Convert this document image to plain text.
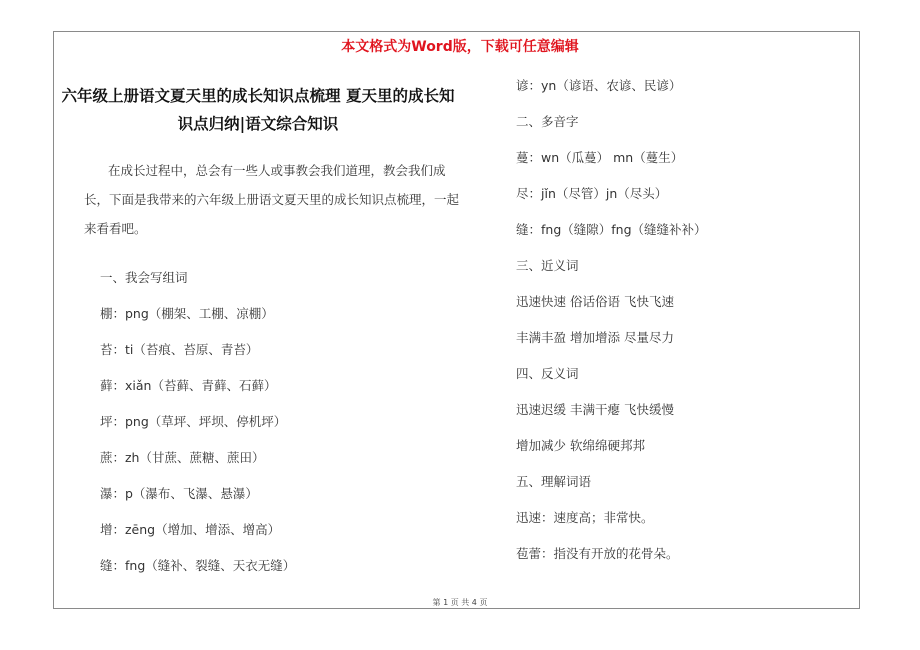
本文格式为Word版，下载可任意编辑
六年级上册语文夏天里的成长知识点梳理 夏天里的成长知识点归纳|语文综合知识
在成长过程中，总会有一些人或事教会我们道理，教会我们成长，下面是我带来的六年级上册语文夏天里的成长知识点梳理，一起来看看吧。
一、我会写组词
棚：png（棚架、工棚、凉棚）
苔：ti（苔痕、苔原、青苔）
藓：xiǎn（苔藓、青藓、石藓）
坪：png（草坪、坪坝、停机坪）
蔗：zh（甘蔗、蔗糖、蔗田）
瀑：p（瀑布、飞瀑、悬瀑）
增：zēng（增加、增添、增高）
缝：fng（缝补、裂缝、天衣无缝）
谚：yn（谚语、农谚、民谚）
二、多音字
蔓：wn（瓜蔓） mn（蔓生）
尽：jǐn（尽管）jn（尽头）
缝：fng（缝隙）fng（缝缝补补）
三、近义词
迅速快速 俗话俗语 飞快飞速
丰满丰盈 增加增添 尽量尽力
四、反义词
迅速迟缓 丰满干瘪 飞快缓慢
增加减少 软绵绵硬邦邦
五、理解词语
迅速：速度高；非常快。
苞蕾：指没有开放的花骨朵。
第 1 页 共 4 页
